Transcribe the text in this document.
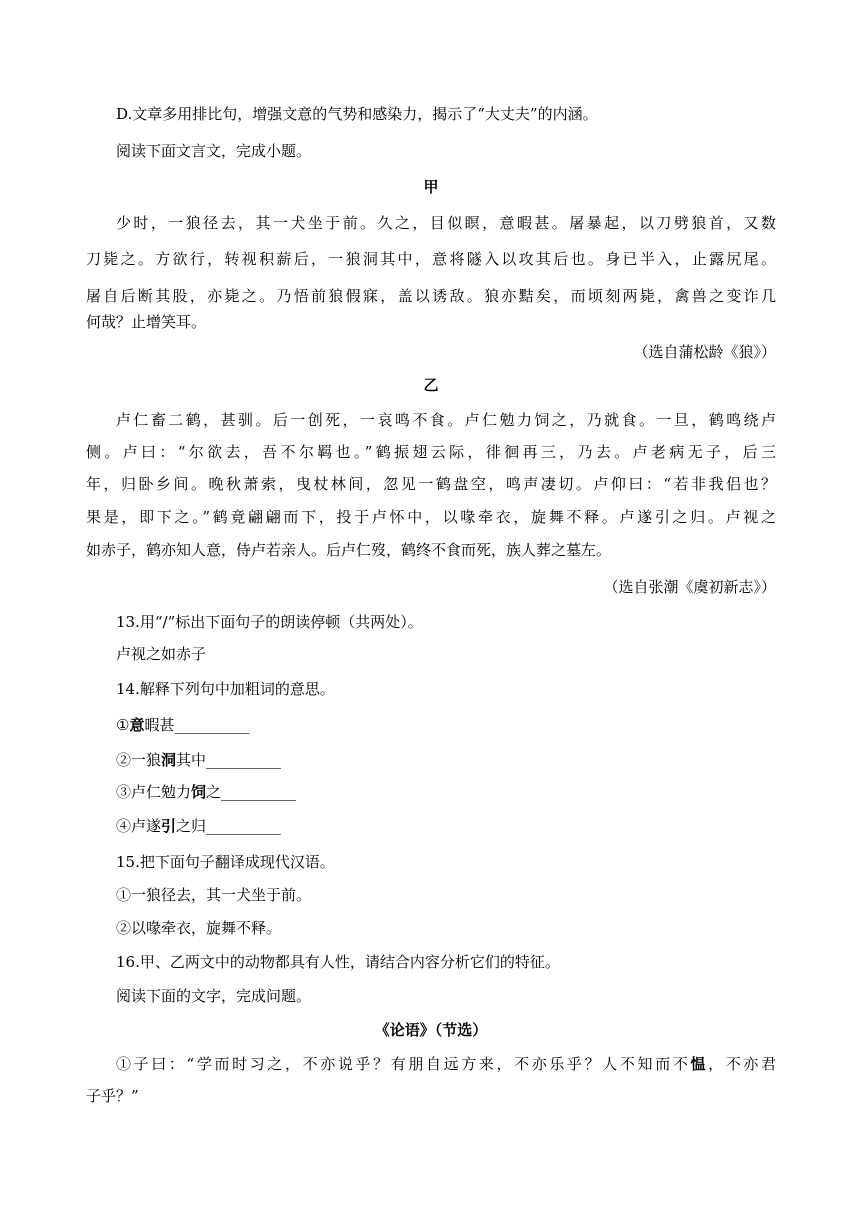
D.文章多用排比句，增强文意的气势和感染力，揭示了“大丈夫”的内涵。
阅读下面文言文，完成小题。
甲
少时，一狼径去，其一犬坐于前。久之，目似瞑，意暇甚。屠暴起，以刀劈狼首，又数
刀毙之。方欲行，转视积薪后，一狼洞其中，意将隧入以攻其后也。身已半入，止露尻尾。
屠自后断其股，亦毙之。乃悟前狼假寐，盖以诱敌。狼亦黠矣，而顷刻两毙，禽兽之变诈几
何哉？止增笑耳。
（选自蒲松龄《狼》）
乙
卢仁畜二鹤，甚驯。后一创死，一哀鸣不食。卢仁勉力饲之，乃就食。一旦，鹤鸣绕卢
侧。卢曰：“尔欲去，吾不尔羁也。”鹤振翅云际，徘徊再三，乃去。卢老病无子，后三
年，归卧乡间。晚秋萧索，曳杖林间，忽见一鹤盘空，鸣声凄切。卢仰曰：“若非我侣也？
果是，即下之。”鹤竟翩翩而下，投于卢怀中，以喙牵衣，旋舞不释。卢遂引之归。卢视之
如赤子，鹤亦知人意，侍卢若亲人。后卢仁歿，鹤终不食而死，族人葬之墓左。
（选自张潮《虞初新志》）
13.用“/”标出下面句子的朗读停顿（共两处）。
卢视之如赤子
14.解释下列句中加粗词的意思。
①意暇甚__________
②一狼洞其中__________
③卢仁勉力饲之__________
④卢遂引之归__________
15.把下面句子翻译成现代汉语。
①一狼径去，其一犬坐于前。
②以喙牵衣，旋舞不释。
16.甲、乙两文中的动物都具有人性，请结合内容分析它们的特征。
阅读下面的文字，完成问题。
《论语》（节选）
①子曰：“学而时习之，不亦说乎？有朋自远方来，不亦乐乎？人不知而不愠，不亦君
子乎？”
